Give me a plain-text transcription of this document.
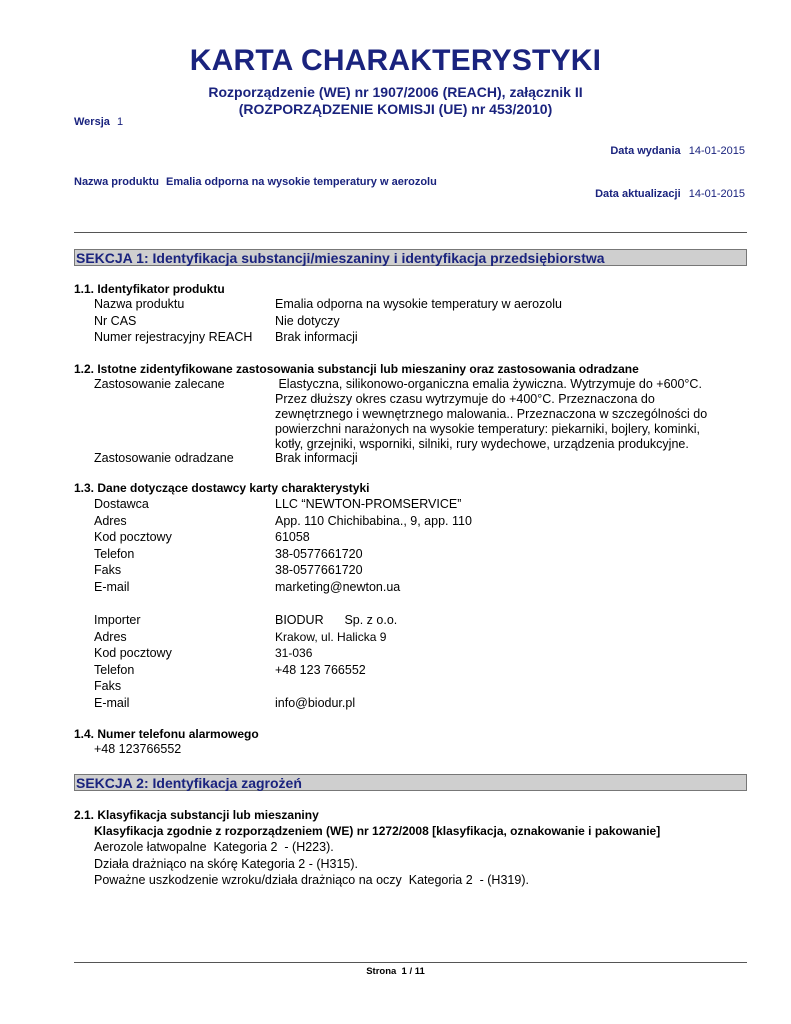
KARTA CHARAKTERYSTYKI
Rozporządzenie (WE) nr 1907/2006 (REACH), załącznik II
(ROZPORZĄDZENIE KOMISJI (UE) nr 453/2010)
Wersja 1
Data wydania 14-01-2015
Nazwa produktu Emalia odporna na wysokie temperatury w aerozolu
Data aktualizacji 14-01-2015
SEKCJA 1: Identyfikacja substancji/mieszaniny i identyfikacja przedsiębiorstwa
1.1. Identyfikator produktu
Nazwa produktu	Emalia odporna na wysokie temperatury w aerozolu
Nr CAS	Nie dotyczy
Numer rejestracyjny REACH Brak informacji
1.2. Istotne zidentyfikowane zastosowania substancji lub mieszaniny oraz zastosowania odradzane
Zastosowanie zalecane	Elastyczna, silikonowo-organiczna emalia żywiczna. Wytrzymuje do +600°C.
Przez dłuższy okres czasu wytrzymuje do +400°C. Przeznaczona do
zewnętrznego i wewnętrznego malowania.. Przeznaczona w szczególności do
powierzchni narażonych na wysokie temperatury: piekarniki, bojlery, kominki,
kotły, grzejniki, wsporniki, silniki, rury wydechowe, urządzenia produkcyjne.
Zastosowanie odradzane	Brak informacji
1.3. Dane dotyczące dostawcy karty charakterystyki
Dostawca	LLC “NEWTON-PROMSERVICE”
Adres	App. 110 Chichibabina., 9, app. 110
Kod pocztowy	61058
Telefon	38-0577661720
Faks	38-0577661720
E-mail	marketing@newton.ua
Importer	BIODUR      Sp. z o.o.
Adres	Krakow, ul. Halicka 9
Kod pocztowy	31-036
Telefon	+48 123 766552
Faks
E-mail	info@biodur.pl
1.4. Numer telefonu alarmowego
+48 123766552
SEKCJA 2: Identyfikacja zagrożeń
2.1. Klasyfikacja substancji lub mieszaniny
Klasyfikacja zgodnie z rozporządzeniem (WE) nr 1272/2008 [klasyfikacja, oznakowanie i pakowanie]
Aerozole łatwopalne  Kategoria 2  - (H223).
Działa drażniąco na skórę Kategoria 2 - (H315).
Poważne uszkodzenie wzroku/działa drażniąco na oczy  Kategoria 2  - (H319).
Strona  1 / 11
